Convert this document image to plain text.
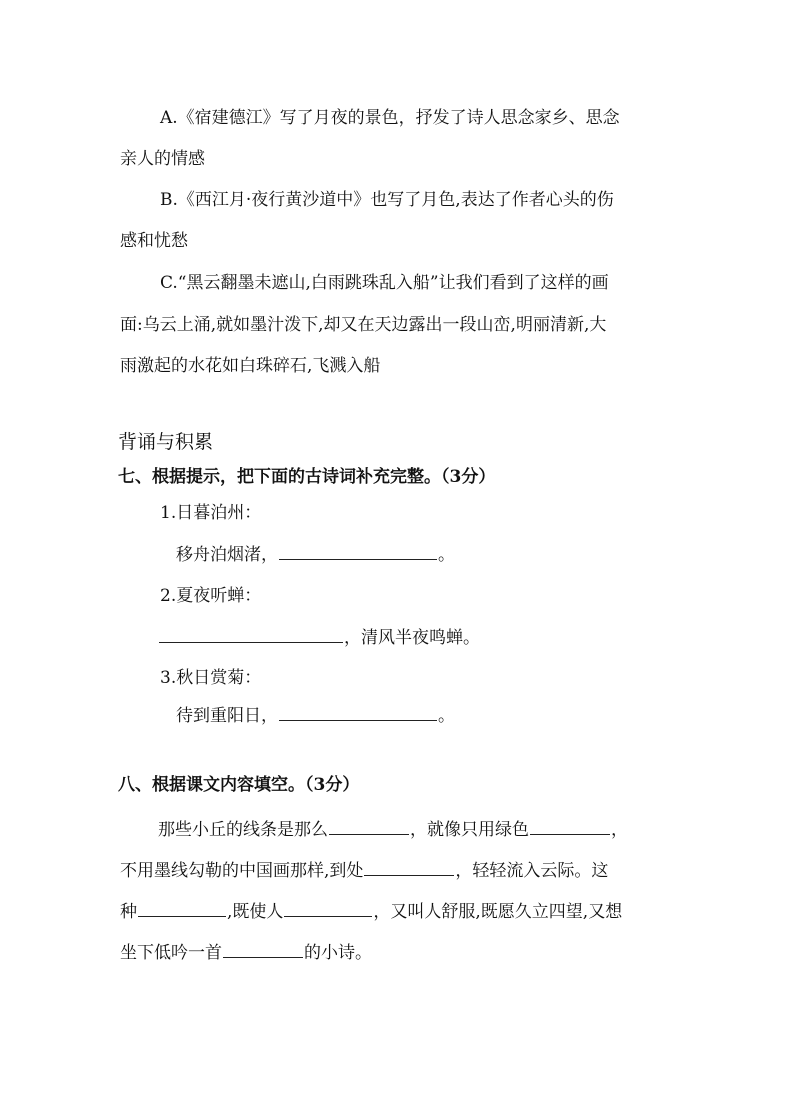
A.《宿建德江》写了月夜的景色，抒发了诗人思念家乡、思念
亲人的情感
B.《西江月·夜行黄沙道中》也写了月色,表达了作者心头的伤
感和忧愁
C.“黑云翻墨未遮山,白雨跳珠乱入船”让我们看到了这样的画
面:乌云上涌,就如墨汁泼下,却又在天边露出一段山峦,明丽清新,大
雨激起的水花如白珠碎石,飞溅入船
背诵与积累
七、根据提示，把下面的古诗词补充完整。（3分）
1.日暮泊州：
移舟泊烟渚，	。
2.夏夜听蝉：
，清风半夜鸣蝉。
3.秋日赏菊：
待到重阳日，	。
八、根据课文内容填空。（3分）
那些小丘的线条是那么	，就像只用绿色	，
不用墨线勾勒的中国画那样,到处	，轻轻流入云际。这
种	,既使人	，又叫人舒服,既愿久立四望,又想
坐下低吟一首	的小诗。
